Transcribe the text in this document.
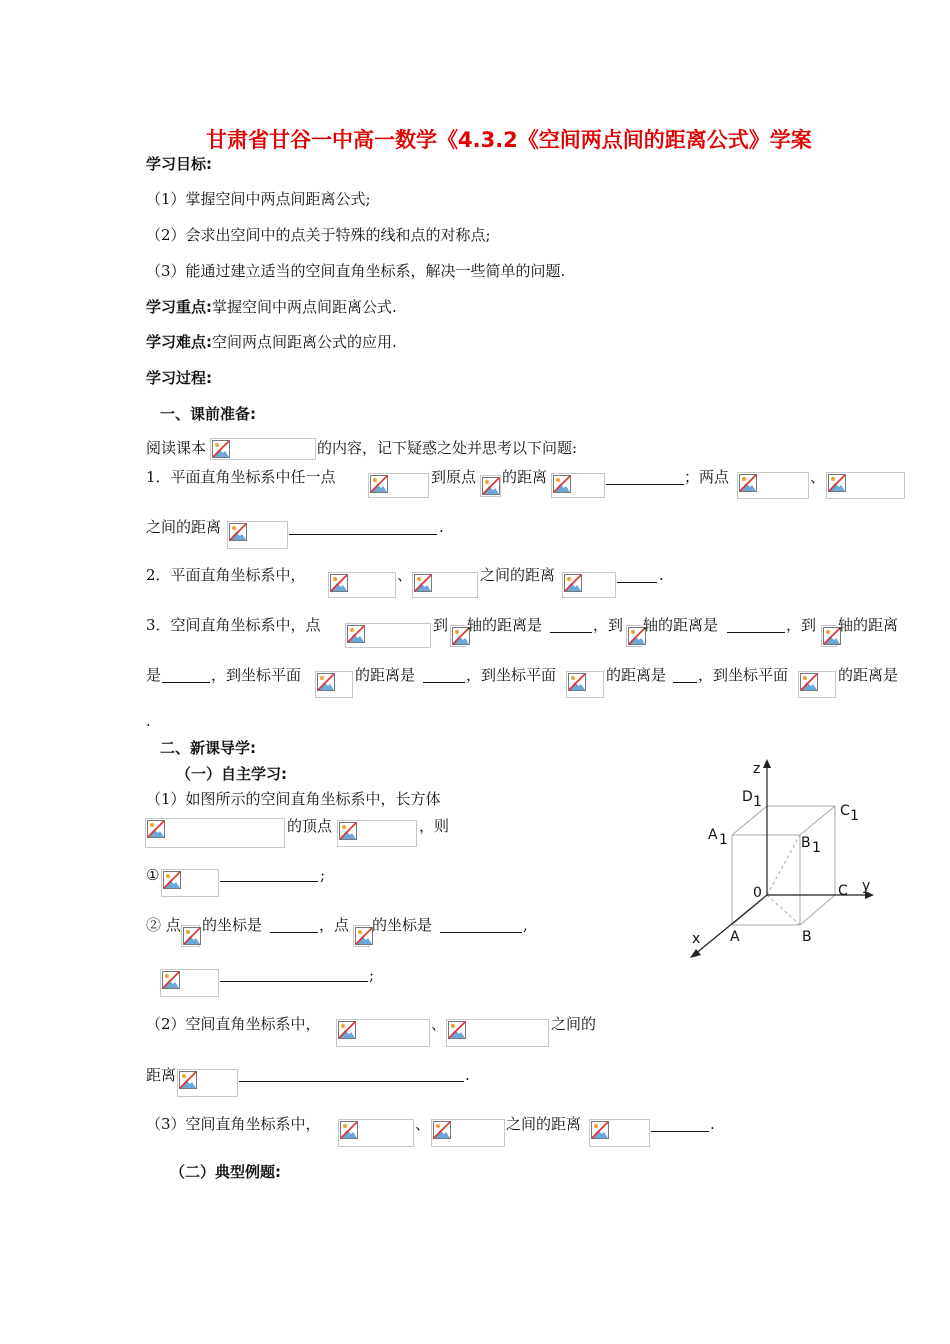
甘肃省甘谷一中高一数学《4.3.2《空间两点间的距离公式》学案
学习目标:
（1）掌握空间中两点间距离公式;
（2）会求出空间中的点关于特殊的线和点的对称点;
（3）能通过建立适当的空间直角坐标系，解决一些简单的问题.
学习重点:掌握空间中两点间距离公式.
学习难点:空间两点间距离公式的应用.
学习过程:
一、课前准备:
阅读课本	的内容，记下疑惑之处并思考以下问题:
1．平面直角坐标系中任一点	到原点 的距离	；两点	、
之间的距离	.
2．平面直角坐标系中，	、	之间的距离	.
3．空间直角坐标系中，点	到 轴的距离是	，到 轴的距离是	，到 轴的距离
是	，到坐标平面	的距离是	，到坐标平面	的距离是 ，到坐标平面	的距离是
.
二、新课导学:
（一）自主学习:
（1）如图所示的空间直角坐标系中，长方体
的顶点	，则
①	;
② 点 的坐标是	，点 的坐标是	,
;
（2）空间直角坐标系中，	、	之间的
距离	.
（3）空间直角坐标系中，	、	之间的距离	.
（二）典型例题:
z
y
x
0
A	B
C
A 1	B 1
C 1
D 1
